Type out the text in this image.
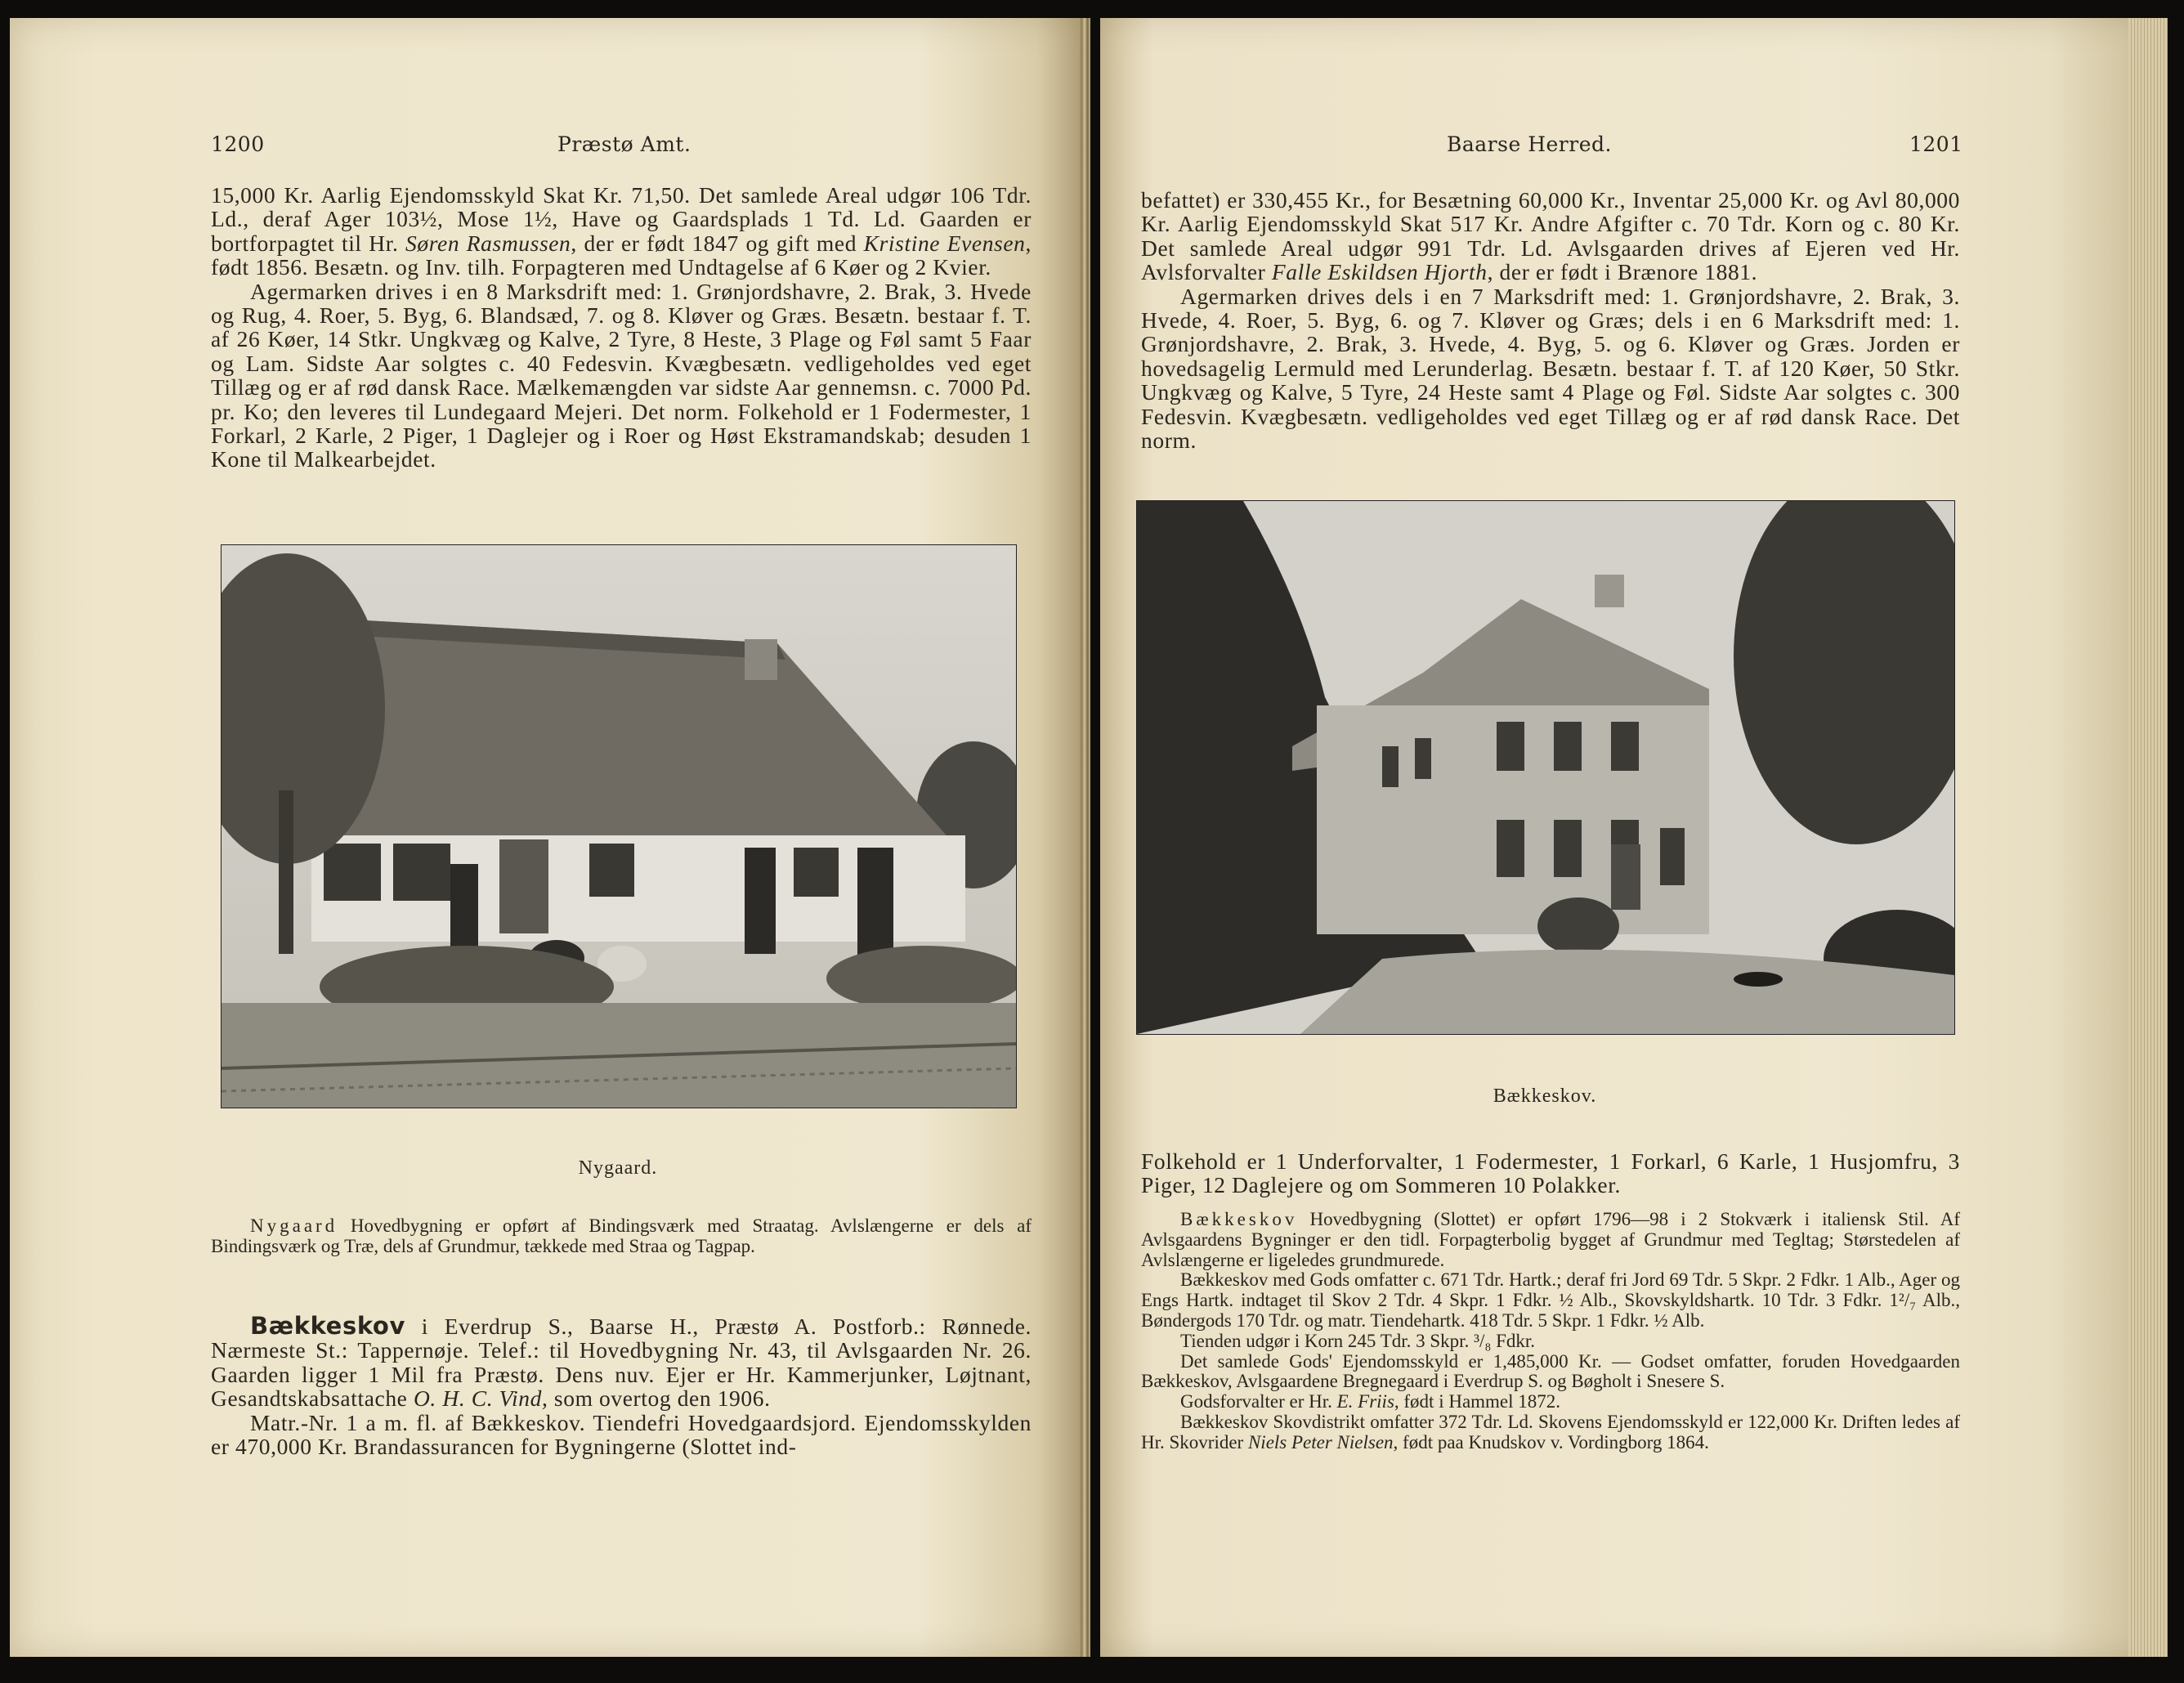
1200	Præstø Amt.

15,000 Kr. Aarlig Ejendomsskyld Skat Kr. 71,50. Det samlede Areal udgør 106 Tdr. Ld., deraf Ager 103½, Mose 1½, Have og Gaardsplads 1 Td. Ld. Gaarden er bortforpagtet til Hr. Søren Rasmussen, der er født 1847 og gift med Kristine Evensen, født 1856. Besætn. og Inv. tilh. Forpagteren med Undtagelse af 6 Køer og 2 Kvier.

Agermarken drives i en 8 Marksdrift med: 1. Grønjordshavre, 2. Brak, 3. Hvede og Rug, 4. Roer, 5. Byg, 6. Blandsæd, 7. og 8. Kløver og Græs. Besætn. bestaar f. T. af 26 Køer, 14 Stkr. Ungkvæg og Kalve, 2 Tyre, 8 Heste, 3 Plage og Føl samt 5 Faar og Lam. Sidste Aar solgtes c. 40 Fedesvin. Kvægbesætn. vedligeholdes ved eget Tillæg og er af rød dansk Race. Mælkemængden var sidste Aar gennemsn. c. 7000 Pd. pr. Ko; den leveres til Lundegaard Mejeri. Det norm. Folkehold er 1 Fodermester, 1 Forkarl, 2 Karle, 2 Piger, 1 Daglejer og i Roer og Høst Ekstramandskab; desuden 1 Kone til Malkearbejdet.

Nygaard.

Nygaard Hovedbygning er opført af Bindingsværk med Straatag. Avlslængerne er dels af Bindingsværk og Træ, dels af Grundmur, tækkede med Straa og Tagpap.

Bækkeskov i Everdrup S., Baarse H., Præstø A. Postforb.: Rønnede. Nærmeste St.: Tappernøje. Telef.: til Hovedbygning Nr. 43, til Avlsgaarden Nr. 26. Gaarden ligger 1 Mil fra Præstø. Dens nuv. Ejer er Hr. Kammerjunker, Løjtnant, Gesandtskabsattache O. H. C. Vind, som overtog den 1906.

Matr.-Nr. 1 a m. fl. af Bækkeskov. Tiendefri Hovedgaardsjord. Ejendomsskylden er 470,000 Kr. Brandassurancen for Bygningerne (Slottet ind-

Baarse Herred.	1201

befattet) er 330,455 Kr., for Besætning 60,000 Kr., Inventar 25,000 Kr. og Avl 80,000 Kr. Aarlig Ejendomsskyld Skat 517 Kr. Andre Afgifter c. 70 Tdr. Korn og c. 80 Kr. Det samlede Areal udgør 991 Tdr. Ld. Avlsgaarden drives af Ejeren ved Hr. Avlsforvalter Falle Eskildsen Hjorth, der er født i Brænore 1881.

Agermarken drives dels i en 7 Marksdrift med: 1. Grønjordshavre, 2. Brak, 3. Hvede, 4. Roer, 5. Byg, 6. og 7. Kløver og Græs; dels i en 6 Marksdrift med: 1. Grønjordshavre, 2. Brak, 3. Hvede, 4. Byg, 5. og 6. Kløver og Græs. Jorden er hovedsagelig Lermuld med Lerunderlag. Besætn. bestaar f. T. af 120 Køer, 50 Stkr. Ungkvæg og Kalve, 5 Tyre, 24 Heste samt 4 Plage og Føl. Sidste Aar solgtes c. 300 Fedesvin. Kvægbesætn. vedligeholdes ved eget Tillæg og er af rød dansk Race. Det norm.

Bækkeskov.

Folkehold er 1 Underforvalter, 1 Fodermester, 1 Forkarl, 6 Karle, 1 Husjomfru, 3 Piger, 12 Daglejere og om Sommeren 10 Polakker.

Bækkeskov Hovedbygning (Slottet) er opført 1796—98 i 2 Stokværk i italiensk Stil. Af Avlsgaardens Bygninger er den tidl. Forpagterbolig bygget af Grundmur med Tegltag; Størstedelen af Avlslængerne er ligeledes grundmurede.

Bækkeskov med Gods omfatter c. 671 Tdr. Hartk.; deraf fri Jord 69 Tdr. 5 Skpr. 2 Fdkr. 1 Alb., Ager og Engs Hartk. indtaget til Skov 2 Tdr. 4 Skpr. 1 Fdkr. ½ Alb., Skovskyldshartk. 10 Tdr. 3 Fdkr. 1²/₇ Alb., Bøndergods 170 Tdr. og matr. Tiendehartk. 418 Tdr. 5 Skpr. 1 Fdkr. ½ Alb.

Tienden udgør i Korn 245 Tdr. 3 Skpr. ³/₈ Fdkr.

Det samlede Gods' Ejendomsskyld er 1,485,000 Kr. — Godset omfatter, foruden Hovedgaarden Bækkeskov, Avlsgaardene Bregnegaard i Everdrup S. og Bøgholt i Snesere S.

Godsforvalter er Hr. E. Friis, født i Hammel 1872.

Bækkeskov Skovdistrikt omfatter 372 Tdr. Ld. Skovens Ejendomsskyld er 122,000 Kr. Driften ledes af Hr. Skovrider Niels Peter Nielsen, født paa Knudskov v. Vordingborg 1864.
